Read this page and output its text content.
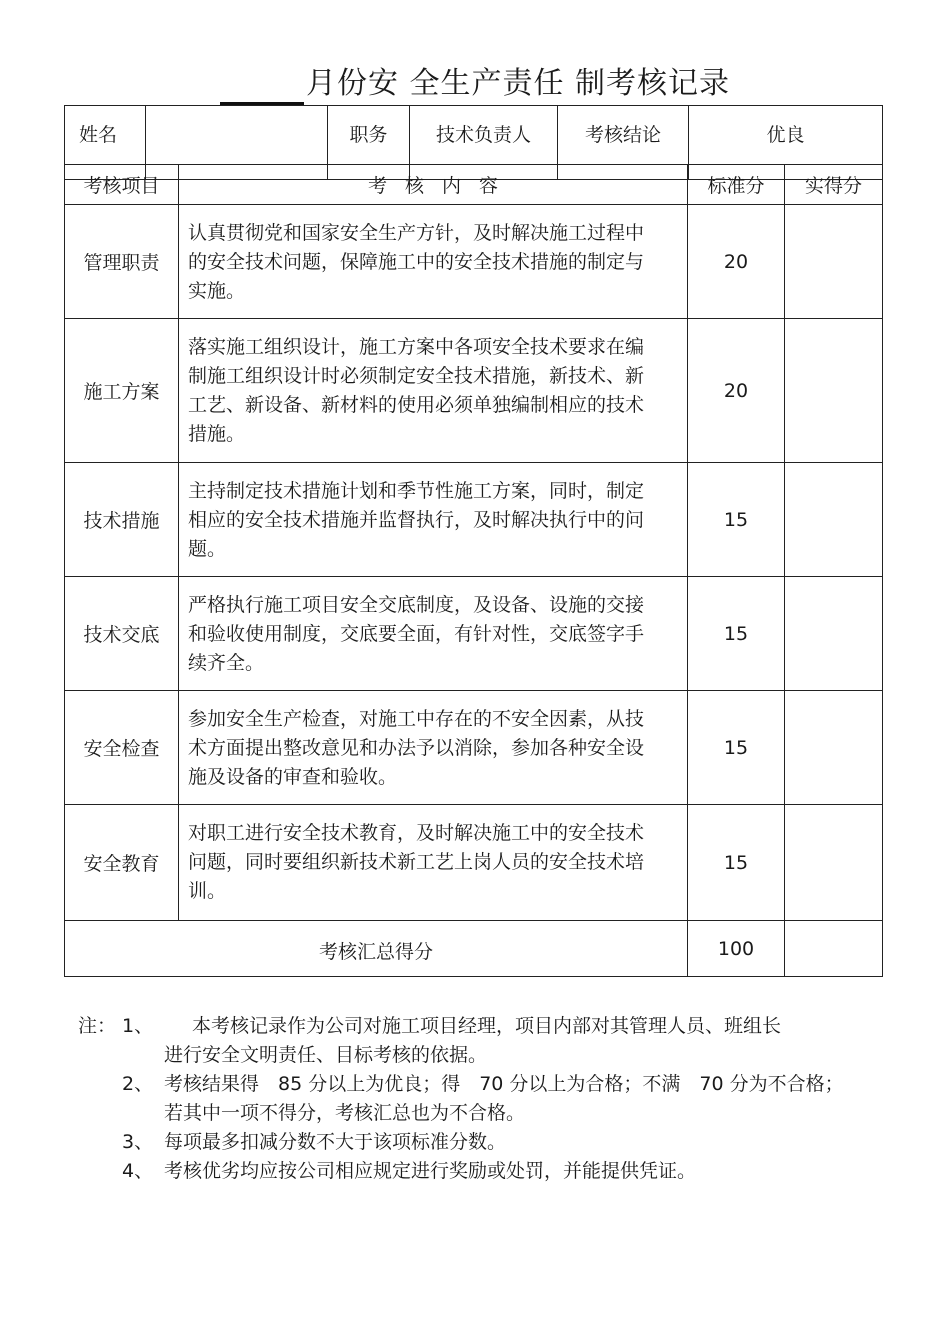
月份安 全生产责任 制考核记录
姓名		职务	技术负责人	考核结论	优良
考核项目	考核内容	标准分	实得分
管理职责	认真贯彻党和国家安全生产方针，及时解决施工过程中的安全技术问题，保障施工中的安全技术措施的制定与实施。	20	
施工方案	落实施工组织设计，施工方案中各项安全技术要求在编制施工组织设计时必须制定安全技术措施，新技术、新工艺、新设备、新材料的使用必须单独编制相应的技术措施。	20	
技术措施	主持制定技术措施计划和季节性施工方案，同时，制定相应的安全技术措施并监督执行，及时解决执行中的问题。	15	
技术交底	严格执行施工项目安全交底制度，及设备、设施的交接和验收使用制度，交底要全面，有针对性，交底签字手续齐全。	15	
安全检查	参加安全生产检查，对施工中存在的不安全因素，从技术方面提出整改意见和办法予以消除，参加各种安全设施及设备的审查和验收。	15	
安全教育	对职工进行安全技术教育，及时解决施工中的安全技术问题，同时要组织新技术新工艺上岗人员的安全技术培训。	15	
考核汇总得分		100	
注： 1、	本考核记录作为公司对施工项目经理，项目内部对其管理人员、班组长
进行安全文明责任、目标考核的依据。
2、 考核结果得　85 分以上为优良；得　70 分以上为合格；不满　70 分为不合格；
若其中一项不得分，考核汇总也为不合格。
3、 每项最多扣减分数不大于该项标准分数。
4、 考核优劣均应按公司相应规定进行奖励或处罚，并能提供凭证。
